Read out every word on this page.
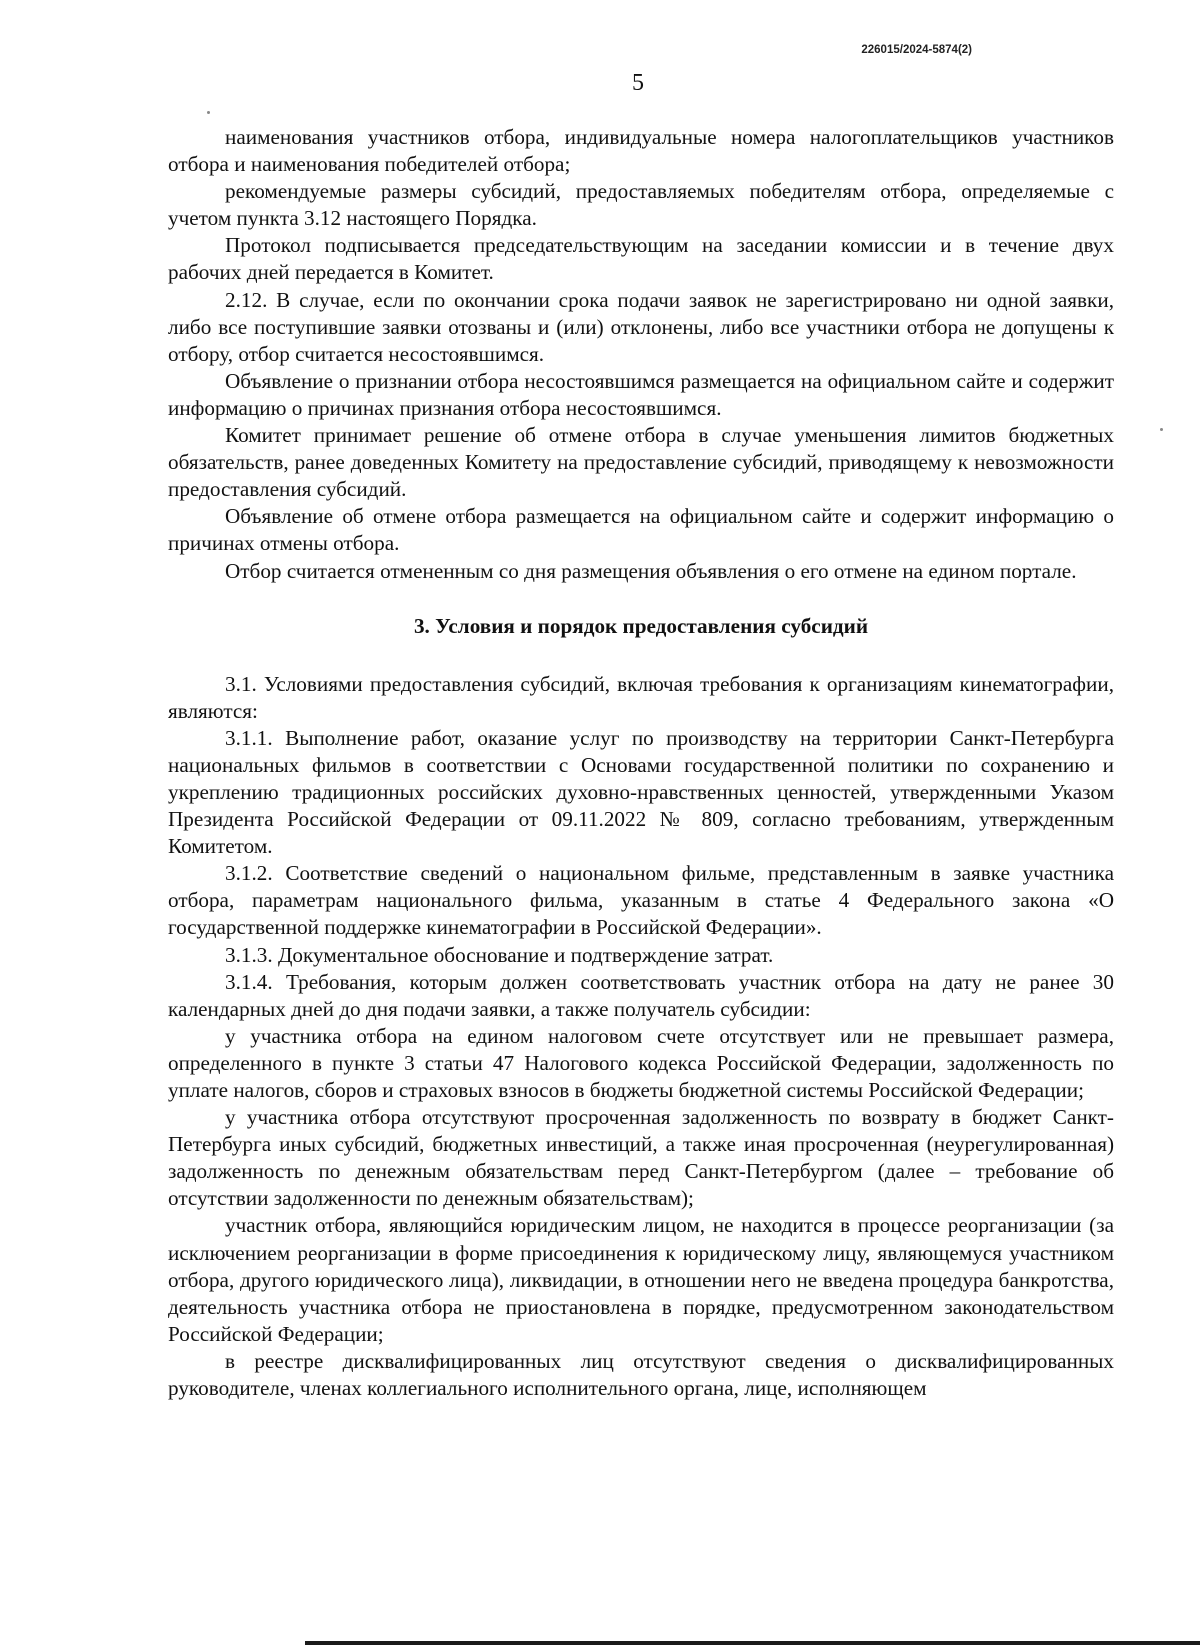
226015/2024-5874(2)
5

наименования участников отбора, индивидуальные номера налогоплательщиков участников отбора и наименования победителей отбора;

рекомендуемые размеры субсидий, предоставляемых победителям отбора, определяемые с учетом пункта 3.12 настоящего Порядка.

Протокол подписывается председательствующим на заседании комиссии и в течение двух рабочих дней передается в Комитет.

2.12. В случае, если по окончании срока подачи заявок не зарегистрировано ни одной заявки, либо все поступившие заявки отозваны и (или) отклонены, либо все участники отбора не допущены к отбору, отбор считается несостоявшимся.

Объявление о признании отбора несостоявшимся размещается на официальном сайте и содержит информацию о причинах признания отбора несостоявшимся.

Комитет принимает решение об отмене отбора в случае уменьшения лимитов бюджетных обязательств, ранее доведенных Комитету на предоставление субсидий, приводящему к невозможности предоставления субсидий.

Объявление об отмене отбора размещается на официальном сайте и содержит информацию о причинах отмены отбора.

Отбор считается отмененным со дня размещения объявления о его отмене на едином портале.

3. Условия и порядок предоставления субсидий

3.1. Условиями предоставления субсидий, включая требования к организациям кинематографии, являются:

3.1.1. Выполнение работ, оказание услуг по производству на территории Санкт-Петербурга национальных фильмов в соответствии с Основами государственной политики по сохранению и укреплению традиционных российских духовно-нравственных ценностей, утвержденными Указом Президента Российской Федерации от 09.11.2022 № 809, согласно требованиям, утвержденным Комитетом.

3.1.2. Соответствие сведений о национальном фильме, представленным в заявке участника отбора, параметрам национального фильма, указанным в статье 4 Федерального закона «О государственной поддержке кинематографии в Российской Федерации».

3.1.3. Документальное обоснование и подтверждение затрат.

3.1.4. Требования, которым должен соответствовать участник отбора на дату не ранее 30 календарных дней до дня подачи заявки, а также получатель субсидии:

у участника отбора на едином налоговом счете отсутствует или не превышает размера, определенного в пункте 3 статьи 47 Налогового кодекса Российской Федерации, задолженность по уплате налогов, сборов и страховых взносов в бюджеты бюджетной системы Российской Федерации;

у участника отбора отсутствуют просроченная задолженность по возврату в бюджет Санкт-Петербурга иных субсидий, бюджетных инвестиций, а также иная просроченная (неурегулированная) задолженность по денежным обязательствам перед Санкт-Петербургом (далее – требование об отсутствии задолженности по денежным обязательствам);

участник отбора, являющийся юридическим лицом, не находится в процессе реорганизации (за исключением реорганизации в форме присоединения к юридическому лицу, являющемуся участником отбора, другого юридического лица), ликвидации, в отношении него не введена процедура банкротства, деятельность участника отбора не приостановлена в порядке, предусмотренном законодательством Российской Федерации;

в реестре дисквалифицированных лиц отсутствуют сведения о дисквалифицированных руководителе, членах коллегиального исполнительного органа, лице, исполняющем
